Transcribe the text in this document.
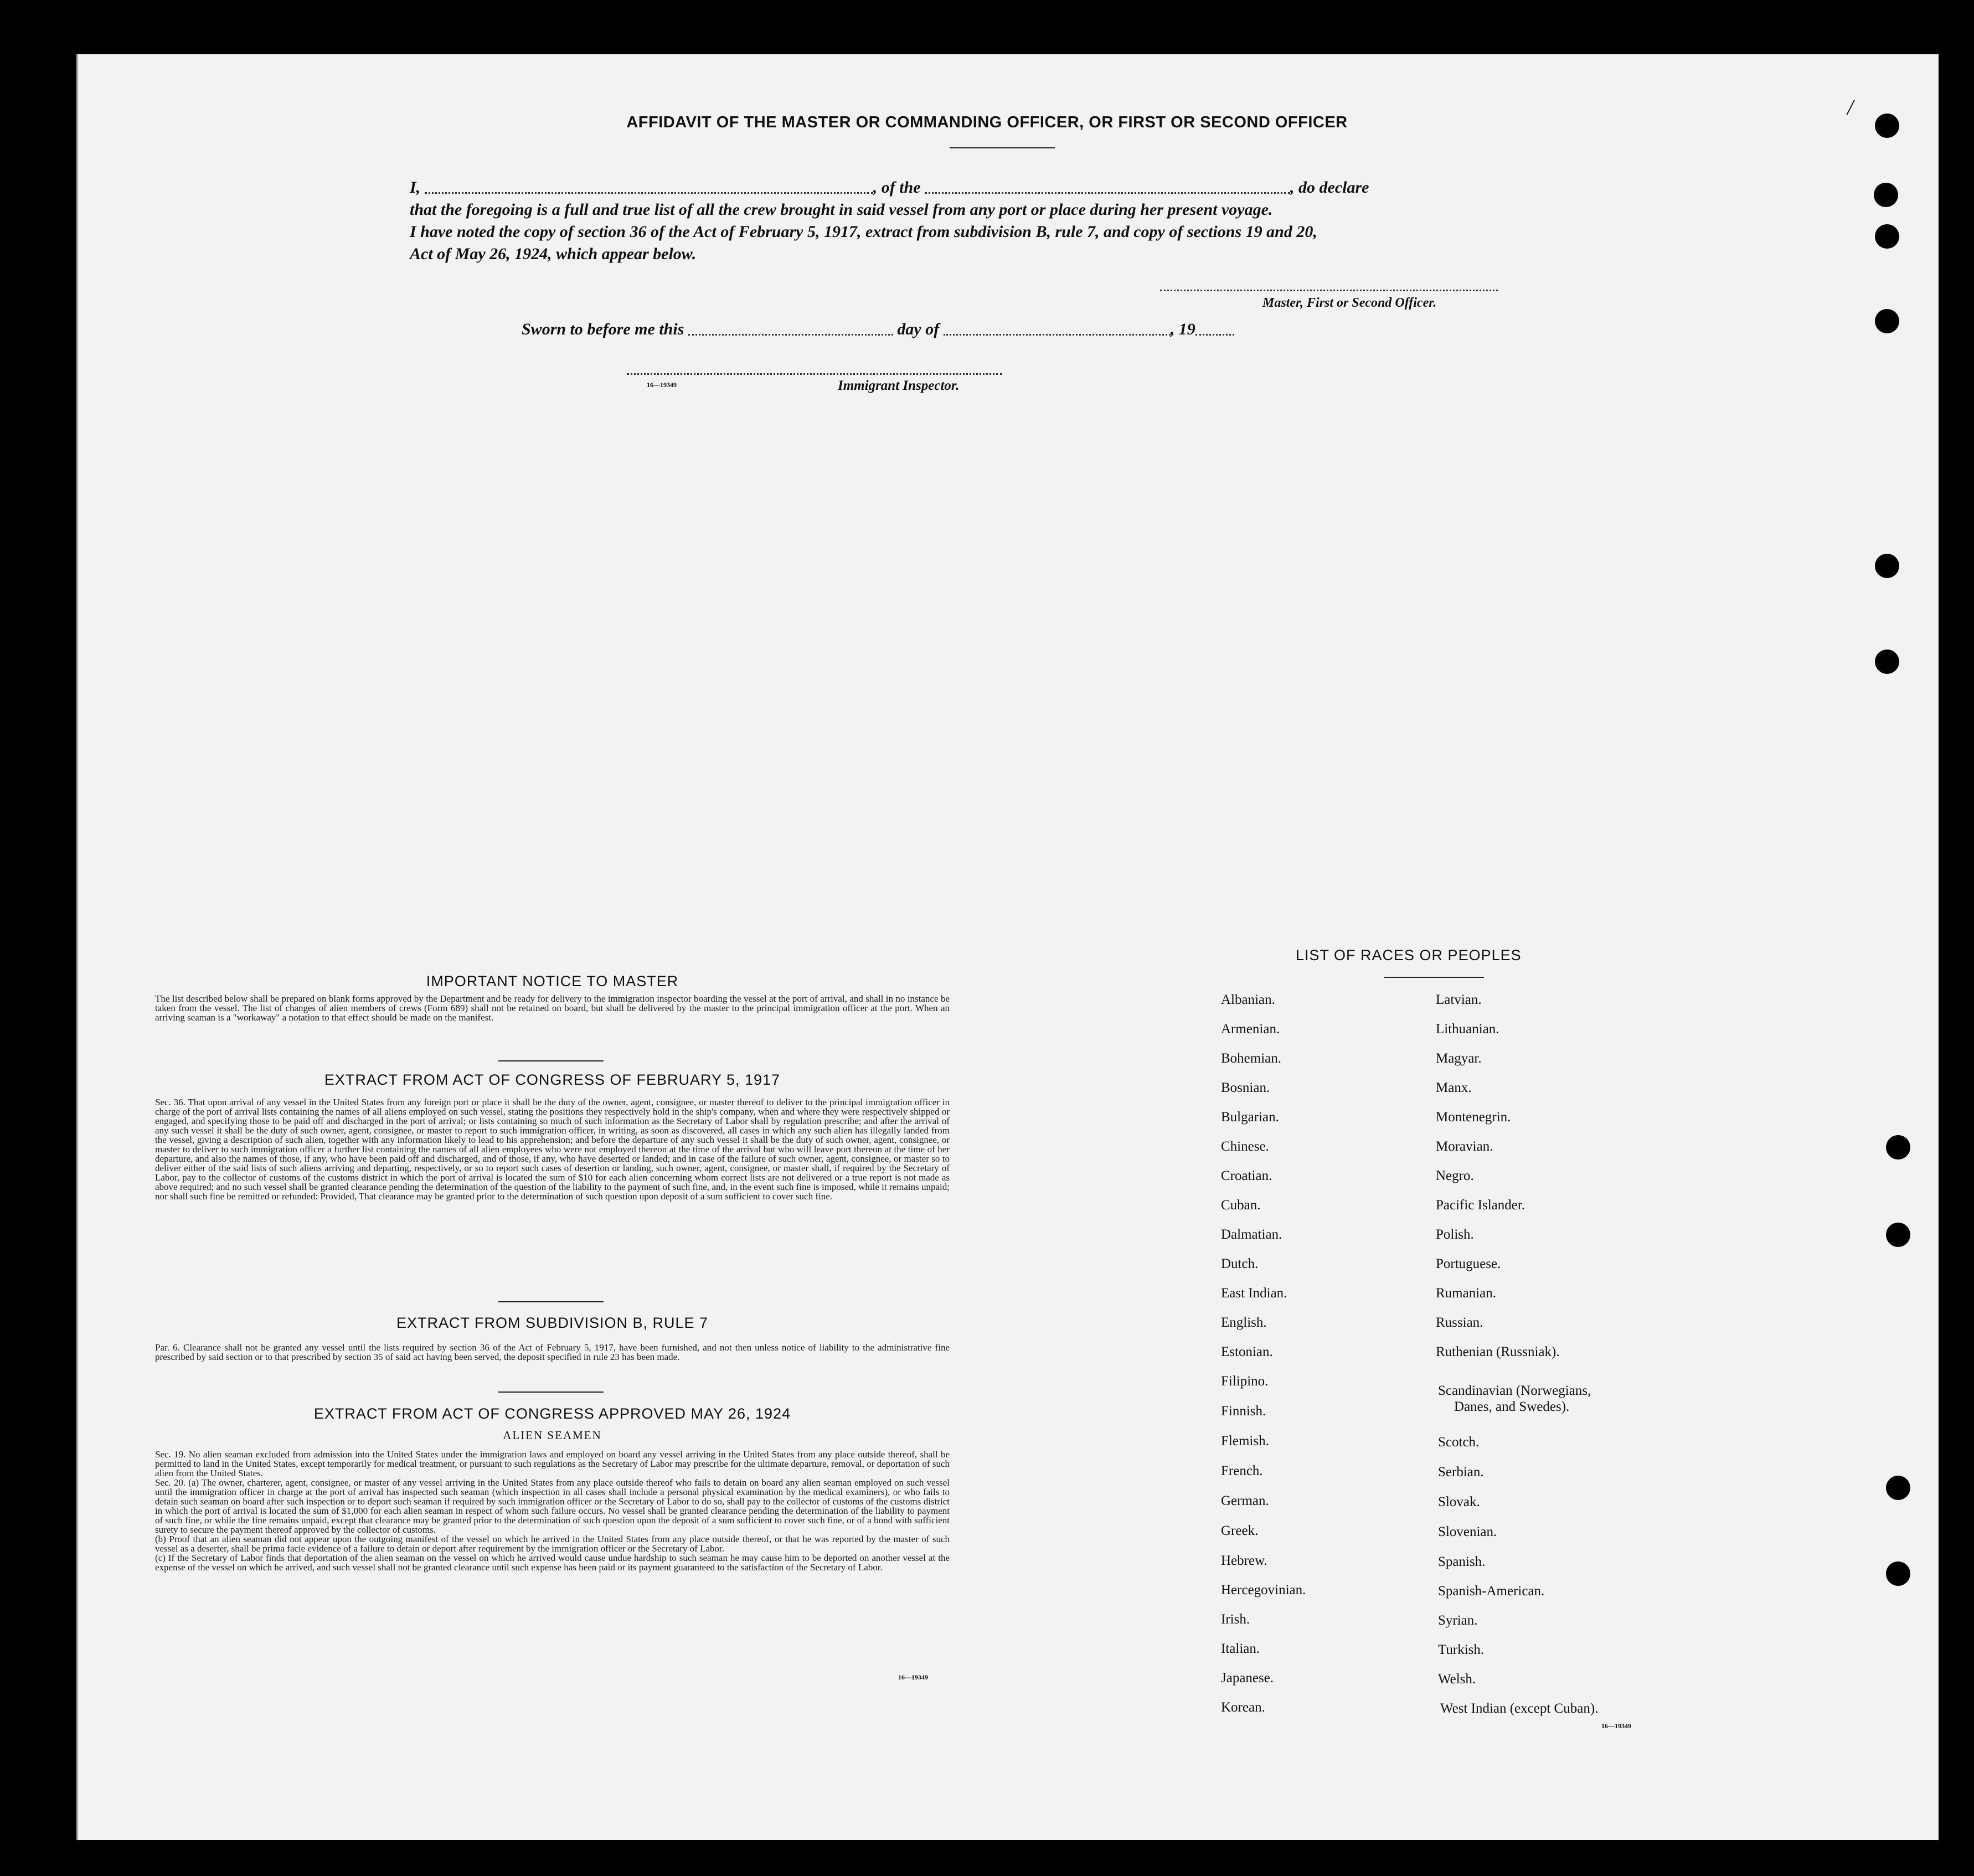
/
AFFIDAVIT OF THE MASTER OR COMMANDING OFFICER, OR FIRST OR SECOND OFFICER
I,	, of the	, do declare
that the foregoing is a full and true list of all the crew brought in said vessel from any port or place during her present voyage.
I have noted the copy of section 36 of the Act of February 5, 1917, extract from subdivision B, rule 7, and copy of sections 19 and 20,
Act of May 26, 1924, which appear below.
Master, First or Second Officer.
Sworn to before me this	day of	, 19
16—19349	Immigrant Inspector.
IMPORTANT NOTICE TO MASTER
The list described below shall be prepared on blank forms approved by the Department and be ready for delivery to the immigration inspector boarding the vessel at the port of arrival, and shall in no instance be taken from the vessel. The list of changes of alien members of crews (Form 689) shall not be retained on board, but shall be delivered by the master to the principal immigration officer at the port. When an arriving seaman is a "workaway" a notation to that effect should be made on the manifest.
EXTRACT FROM ACT OF CONGRESS OF FEBRUARY 5, 1917
Sec. 36. That upon arrival of any vessel in the United States from any foreign port or place it shall be the duty of the owner, agent, consignee, or master thereof to deliver to the principal immigration officer in charge of the port of arrival lists containing the names of all aliens employed on such vessel, stating the positions they respectively hold in the ship's company, when and where they were respectively shipped or engaged, and specifying those to be paid off and discharged in the port of arrival; or lists containing so much of such information as the Secretary of Labor shall by regulation prescribe; and after the arrival of any such vessel it shall be the duty of such owner, agent, consignee, or master to report to such immigration officer, in writing, as soon as discovered, all cases in which any such alien has illegally landed from the vessel, giving a description of such alien, together with any information likely to lead to his apprehension; and before the departure of any such vessel it shall be the duty of such owner, agent, consignee, or master to deliver to such immigration officer a further list containing the names of all alien employees who were not employed thereon at the time of the arrival but who will leave port thereon at the time of her departure, and also the names of those, if any, who have been paid off and discharged, and of those, if any, who have deserted or landed; and in case of the failure of such owner, agent, consignee, or master so to deliver either of the said lists of such aliens arriving and departing, respectively, or so to report such cases of desertion or landing, such owner, agent, consignee, or master shall, if required by the Secretary of Labor, pay to the collector of customs of the customs district in which the port of arrival is located the sum of $10 for each alien concerning whom correct lists are not delivered or a true report is not made as above required; and no such vessel shall be granted clearance pending the determination of the question of the liability to the payment of such fine, and, in the event such fine is imposed, while it remains unpaid; nor shall such fine be remitted or refunded: Provided, That clearance may be granted prior to the determination of such question upon deposit of a sum sufficient to cover such fine.
EXTRACT FROM SUBDIVISION B, RULE 7
Par. 6. Clearance shall not be granted any vessel until the lists required by section 36 of the Act of February 5, 1917, have been furnished, and not then unless notice of liability to the administrative fine prescribed by said section or to that prescribed by section 35 of said act having been served, the deposit specified in rule 23 has been made.
EXTRACT FROM ACT OF CONGRESS APPROVED MAY 26, 1924
ALIEN SEAMEN
Sec. 19. No alien seaman excluded from admission into the United States under the immigration laws and employed on board any vessel arriving in the United States from any place outside thereof, shall be permitted to land in the United States, except temporarily for medical treatment, or pursuant to such regulations as the Secretary of Labor may prescribe for the ultimate departure, removal, or deportation of such alien from the United States.
Sec. 20. (a) The owner, charterer, agent, consignee, or master of any vessel arriving in the United States from any place outside thereof who fails to detain on board any alien seaman employed on such vessel until the immigration officer in charge at the port of arrival has inspected such seaman (which inspection in all cases shall include a personal physical examination by the medical examiners), or who fails to detain such seaman on board after such inspection or to deport such seaman if required by such immigration officer or the Secretary of Labor to do so, shall pay to the collector of customs of the customs district in which the port of arrival is located the sum of $1,000 for each alien seaman in respect of whom such failure occurs. No vessel shall be granted clearance pending the determination of the liability to payment of such fine, or while the fine remains unpaid, except that clearance may be granted prior to the determination of such question upon the deposit of a sum sufficient to cover such fine, or of a bond with sufficient surety to secure the payment thereof approved by the collector of customs.
(b) Proof that an alien seaman did not appear upon the outgoing manifest of the vessel on which he arrived in the United States from any place outside thereof, or that he was reported by the master of such vessel as a deserter, shall be prima facie evidence of a failure to detain or deport after requirement by the immigration officer or the Secretary of Labor.
(c) If the Secretary of Labor finds that deportation of the alien seaman on the vessel on which he arrived would cause undue hardship to such seaman he may cause him to be deported on another vessel at the expense of the vessel on which he arrived, and such vessel shall not be granted clearance until such expense has been paid or its payment guaranteed to the satisfaction of the Secretary of Labor.
16—19349
LIST OF RACES OR PEOPLES
Albanian.
Armenian.
Bohemian.
Bosnian.
Bulgarian.
Chinese.
Croatian.
Cuban.
Dalmatian.
Dutch.
East Indian.
English.
Estonian.
Filipino.
Finnish.
Flemish.
French.
German.
Greek.
Hebrew.
Hercegovinian.
Irish.
Italian.
Japanese.
Korean.
Latvian.
Lithuanian.
Magyar.
Manx.
Montenegrin.
Moravian.
Negro.
Pacific Islander.
Polish.
Portuguese.
Rumanian.
Russian.
Ruthenian (Russniak).
Scandinavian (Norwegians,
Danes, and Swedes).
Scotch.
Serbian.
Slovak.
Slovenian.
Spanish.
Spanish-American.
Syrian.
Turkish.
Welsh.
West Indian (except Cuban).
16—19349
